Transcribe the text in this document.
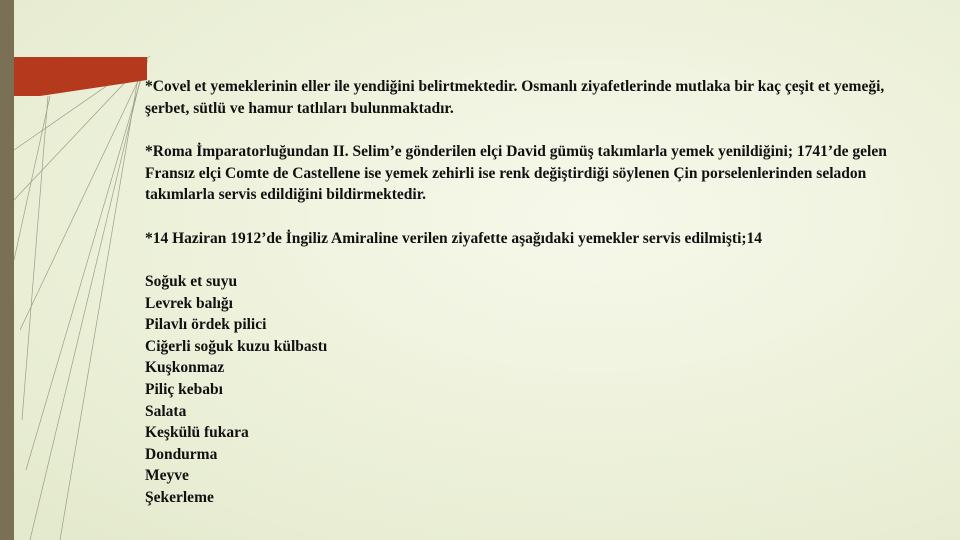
*Covel et yemeklerinin eller ile yendiğini belirtmektedir. Osmanlı ziyafetlerinde mutlaka bir kaç çeşit et yemeği, şerbet, sütlü ve hamur tatlıları bulunmaktadır.

*Roma İmparatorluğundan II. Selim’e gönderilen elçi David gümüş takımlarla yemek yenildiğini; 1741’de gelen Fransız elçi Comte de Castellene ise yemek zehirli ise renk değiştirdiği söylenen Çin porselenlerinden seladon takımlarla servis edildiğini bildirmektedir.

*14 Haziran 1912’de İngiliz Amiraline verilen ziyafette aşağıdaki yemekler servis edilmişti;14

Soğuk et suyu
Levrek balığı
Pilavlı ördek pilici
Ciğerli soğuk kuzu külbastı
Kuşkonmaz
Piliç kebabı
Salata
Keşkülü fukara
Dondurma
Meyve
Şekerleme
